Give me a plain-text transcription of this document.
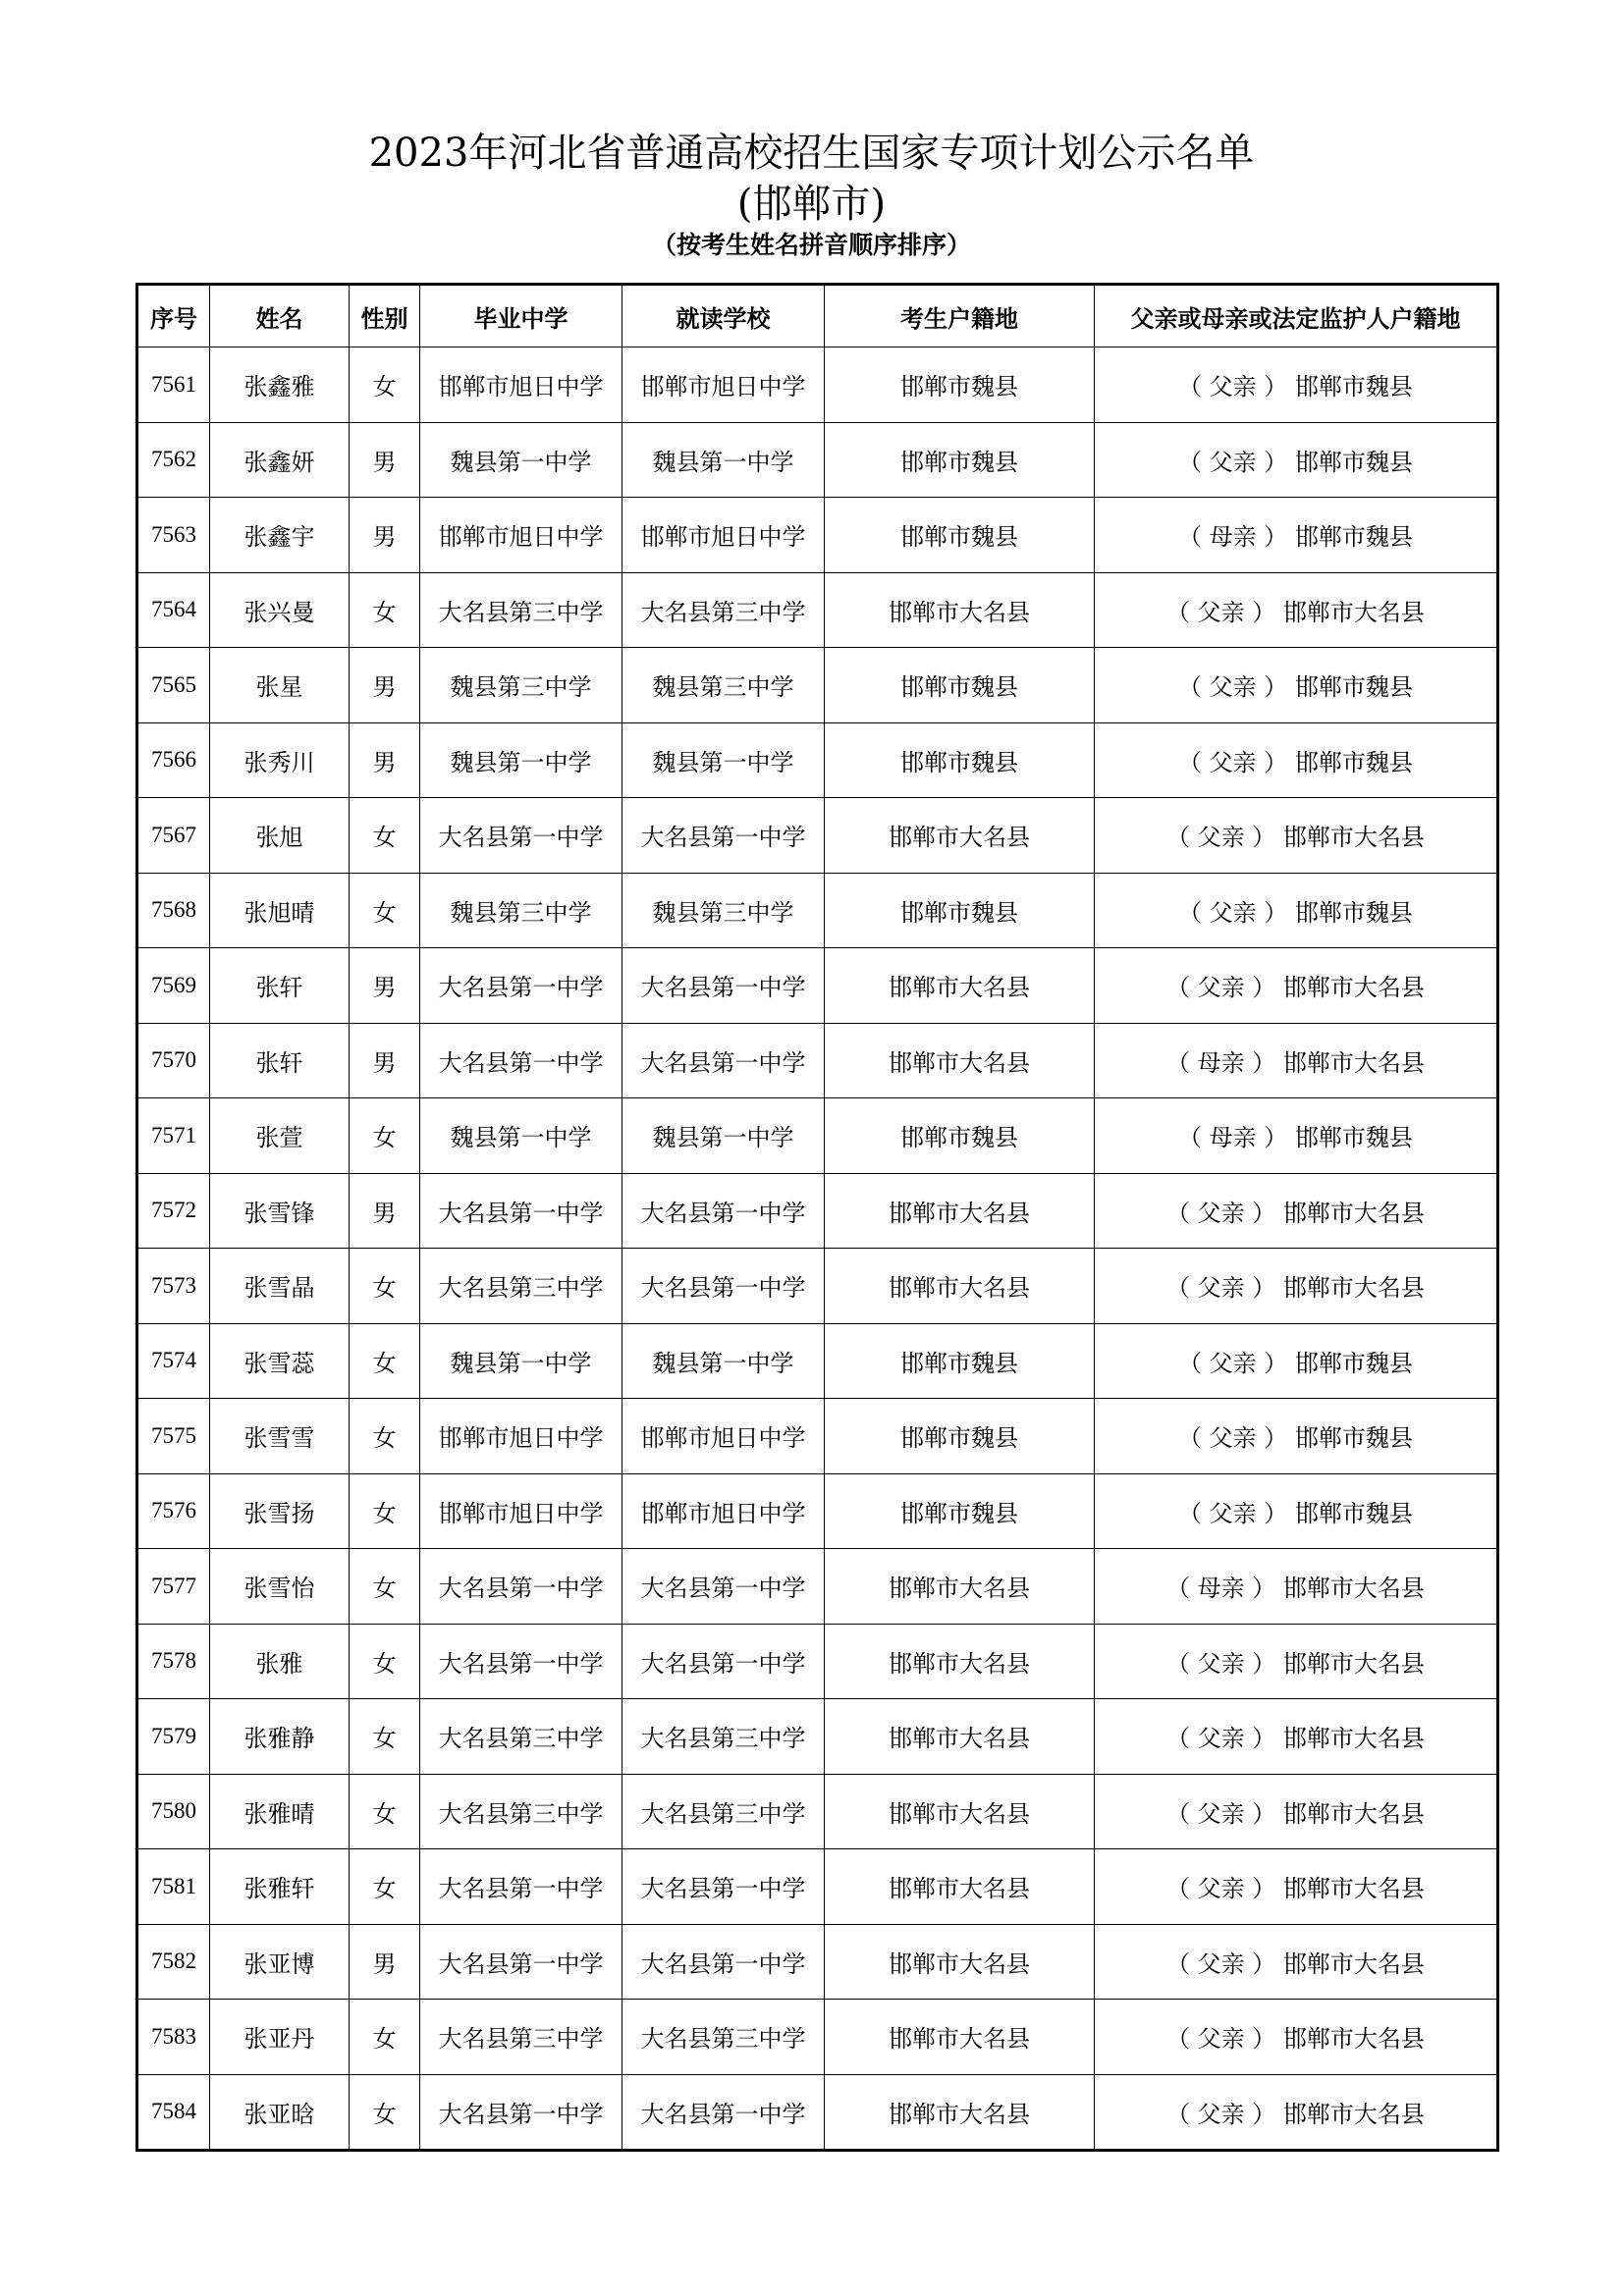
2023年河北省普通高校招生国家专项计划公示名单
(邯郸市)
（按考生姓名拼音顺序排序）
序号	姓名	性别	毕业中学	就读学校	考生户籍地	父亲或母亲或法定监护人户籍地
7561	张鑫雅	女	邯郸市旭日中学	邯郸市旭日中学	邯郸市魏县	（ 父亲 ） 邯郸市魏县
7562	张鑫妍	男	魏县第一中学	魏县第一中学	邯郸市魏县	（ 父亲 ） 邯郸市魏县
7563	张鑫宇	男	邯郸市旭日中学	邯郸市旭日中学	邯郸市魏县	（ 母亲 ） 邯郸市魏县
7564	张兴曼	女	大名县第三中学	大名县第三中学	邯郸市大名县	（ 父亲 ） 邯郸市大名县
7565	张星	男	魏县第三中学	魏县第三中学	邯郸市魏县	（ 父亲 ） 邯郸市魏县
7566	张秀川	男	魏县第一中学	魏县第一中学	邯郸市魏县	（ 父亲 ） 邯郸市魏县
7567	张旭	女	大名县第一中学	大名县第一中学	邯郸市大名县	（ 父亲 ） 邯郸市大名县
7568	张旭晴	女	魏县第三中学	魏县第三中学	邯郸市魏县	（ 父亲 ） 邯郸市魏县
7569	张轩	男	大名县第一中学	大名县第一中学	邯郸市大名县	（ 父亲 ） 邯郸市大名县
7570	张轩	男	大名县第一中学	大名县第一中学	邯郸市大名县	（ 母亲 ） 邯郸市大名县
7571	张萱	女	魏县第一中学	魏县第一中学	邯郸市魏县	（ 母亲 ） 邯郸市魏县
7572	张雪锋	男	大名县第一中学	大名县第一中学	邯郸市大名县	（ 父亲 ） 邯郸市大名县
7573	张雪晶	女	大名县第三中学	大名县第一中学	邯郸市大名县	（ 父亲 ） 邯郸市大名县
7574	张雪蕊	女	魏县第一中学	魏县第一中学	邯郸市魏县	（ 父亲 ） 邯郸市魏县
7575	张雪雪	女	邯郸市旭日中学	邯郸市旭日中学	邯郸市魏县	（ 父亲 ） 邯郸市魏县
7576	张雪扬	女	邯郸市旭日中学	邯郸市旭日中学	邯郸市魏县	（ 父亲 ） 邯郸市魏县
7577	张雪怡	女	大名县第一中学	大名县第一中学	邯郸市大名县	（ 母亲 ） 邯郸市大名县
7578	张雅	女	大名县第一中学	大名县第一中学	邯郸市大名县	（ 父亲 ） 邯郸市大名县
7579	张雅静	女	大名县第三中学	大名县第三中学	邯郸市大名县	（ 父亲 ） 邯郸市大名县
7580	张雅晴	女	大名县第三中学	大名县第三中学	邯郸市大名县	（ 父亲 ） 邯郸市大名县
7581	张雅轩	女	大名县第一中学	大名县第一中学	邯郸市大名县	（ 父亲 ） 邯郸市大名县
7582	张亚博	男	大名县第一中学	大名县第一中学	邯郸市大名县	（ 父亲 ） 邯郸市大名县
7583	张亚丹	女	大名县第三中学	大名县第三中学	邯郸市大名县	（ 父亲 ） 邯郸市大名县
7584	张亚晗	女	大名县第一中学	大名县第一中学	邯郸市大名县	（ 父亲 ） 邯郸市大名县
